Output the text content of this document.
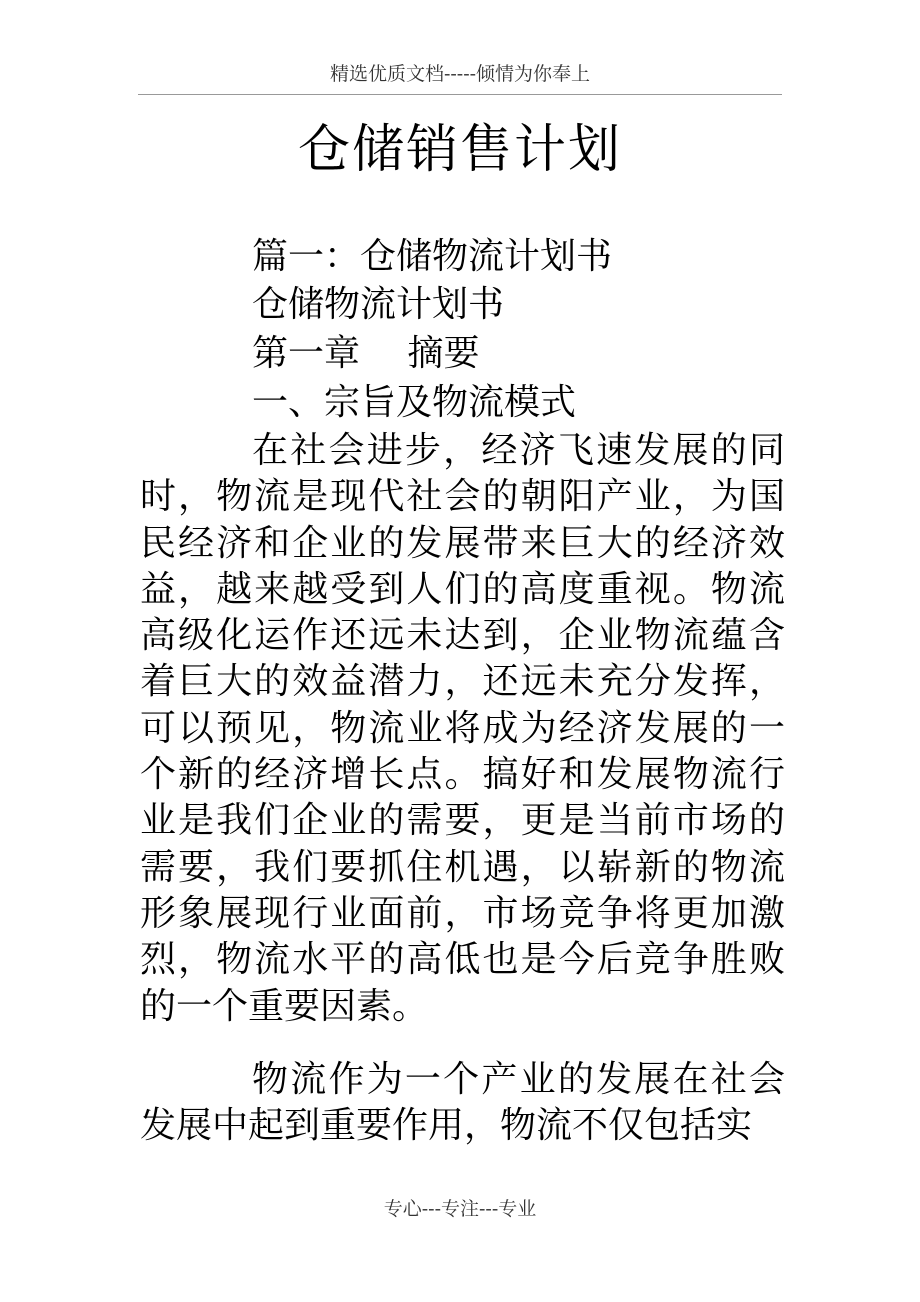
精选优质文档-----倾情为你奉上
仓储销售计划
篇一：仓储物流计划书
仓储物流计划书
第一章　 摘要
一、宗旨及物流模式
在社会进步，经济飞速发展的同时，物流是现代社会的朝阳产业，为国民经济和企业的发展带来巨大的经济效益，越来越受到人们的高度重视。物流高级化运作还远未达到，企业物流蕴含着巨大的效益潜力，还远未充分发挥，可以预见，物流业将成为经济发展的一个新的经济增长点。搞好和发展物流行业是我们企业的需要，更是当前市场的需要，我们要抓住机遇，以崭新的物流形象展现行业面前，市场竞争将更加激烈，物流水平的高低也是今后竞争胜败的一个重要因素。
物流作为一个产业的发展在社会发展中起到重要作用，物流不仅包括实
专心---专注---专业
